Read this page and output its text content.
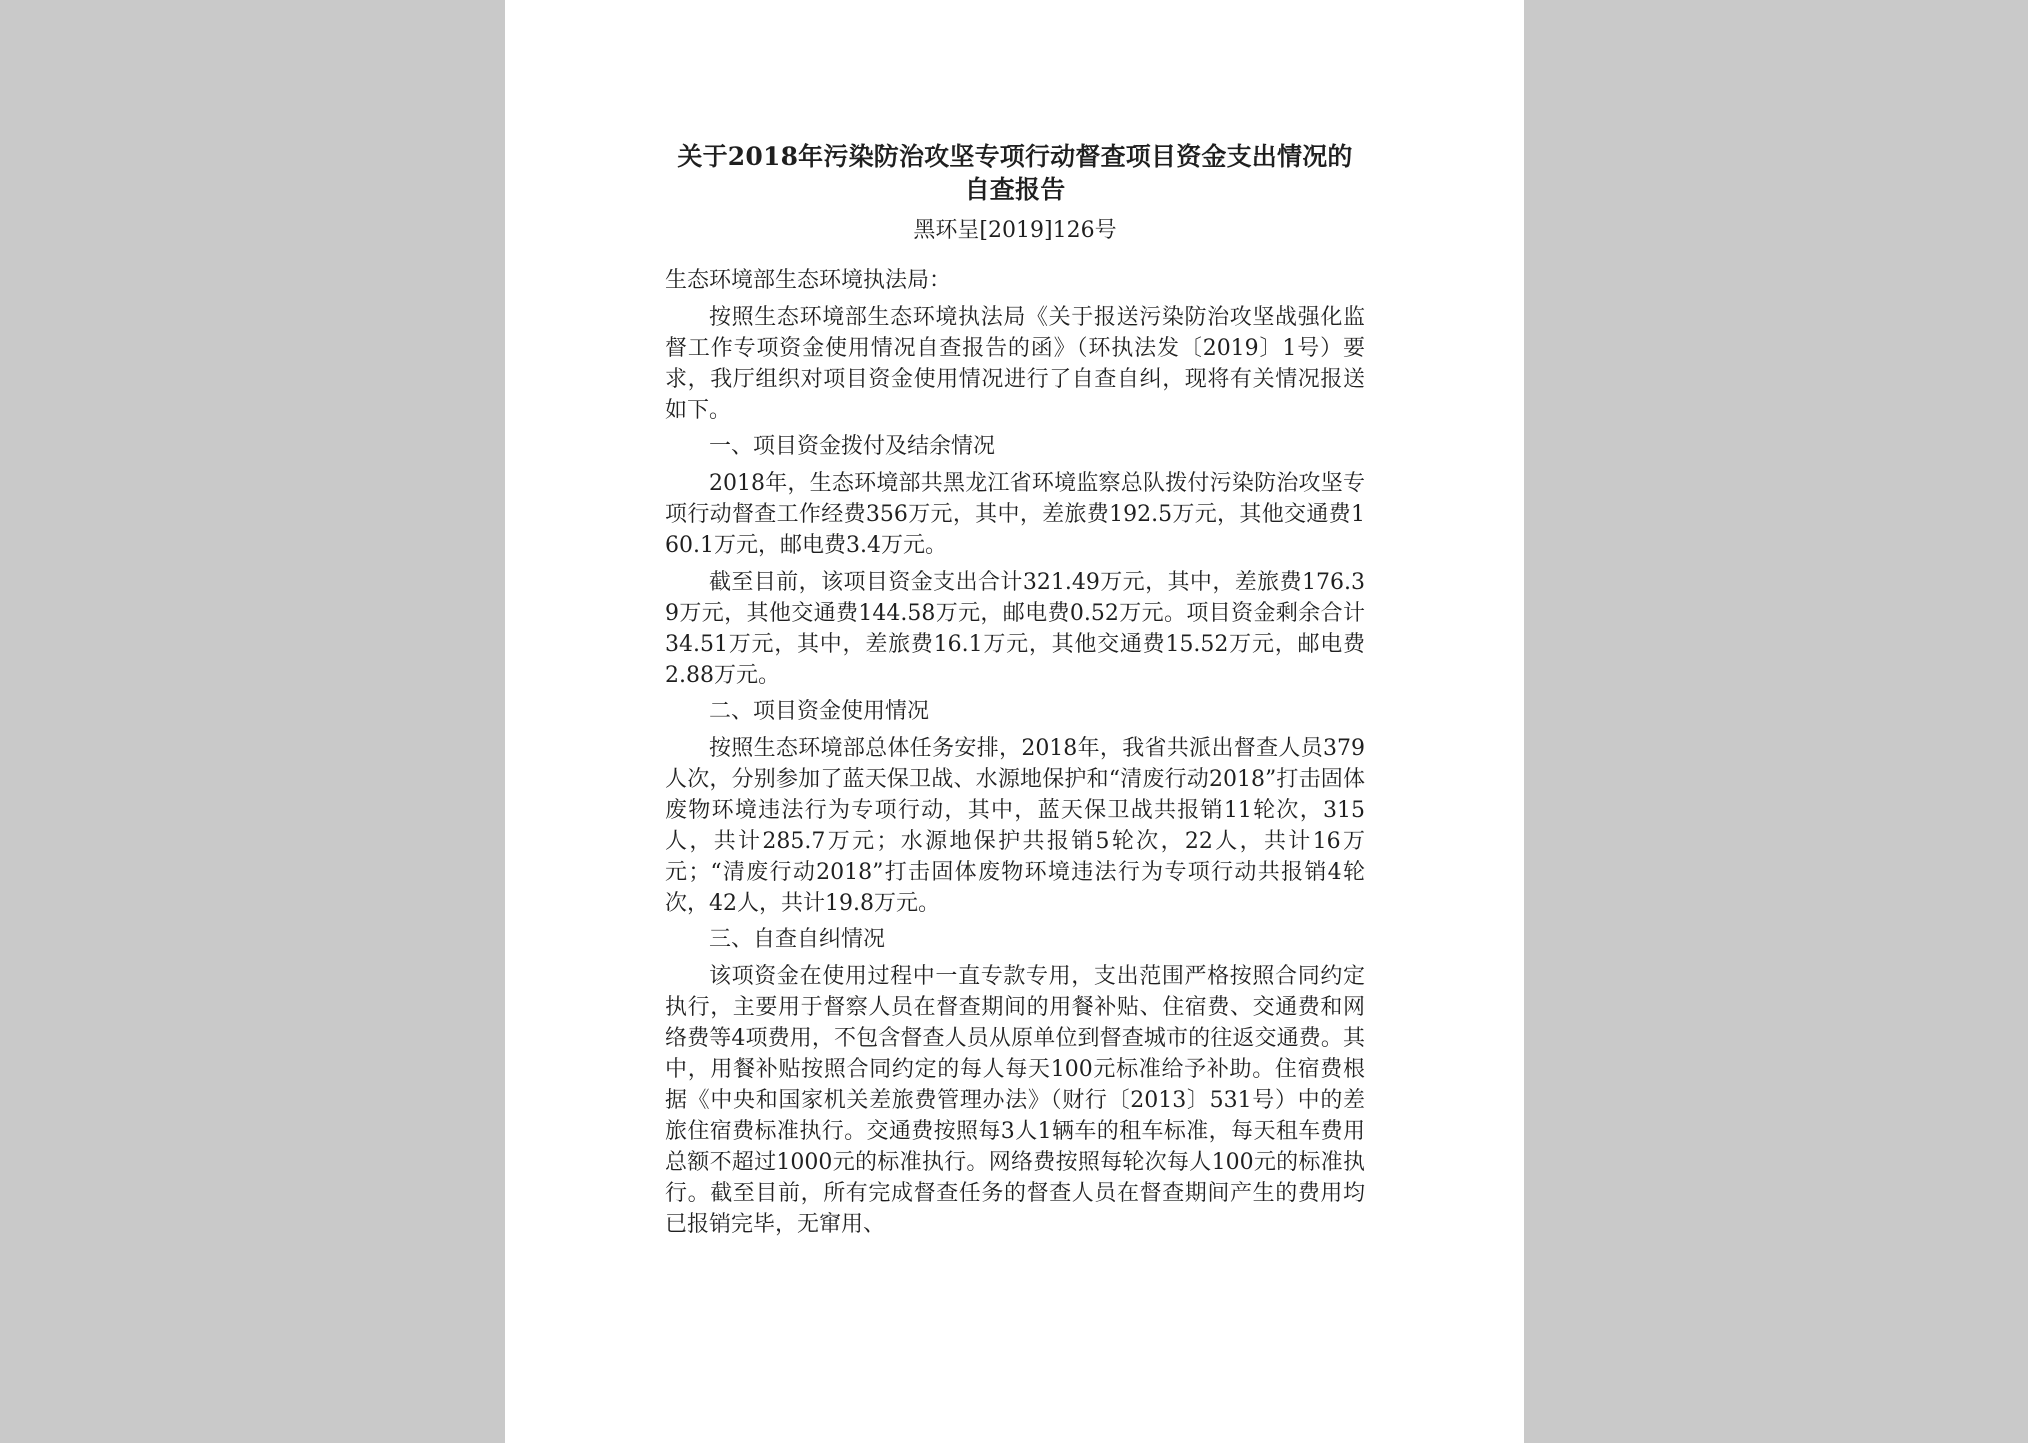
关于2018年污染防治攻坚专项行动督查项目资金支出情况的自查报告

黑环呈[2019]126号

生态环境部生态环境执法局：

按照生态环境部生态环境执法局《关于报送污染防治攻坚战强化监督工作专项资金使用情况自查报告的函》（环执法发〔2019〕1号）要求，我厅组织对项目资金使用情况进行了自查自纠，现将有关情况报送如下。

一、项目资金拨付及结余情况

2018年，生态环境部共黑龙江省环境监察总队拨付污染防治攻坚专项行动督查工作经费356万元，其中，差旅费192.5万元，其他交通费160.1万元，邮电费3.4万元。

截至目前，该项目资金支出合计321.49万元，其中，差旅费176.39万元，其他交通费144.58万元，邮电费0.52万元。项目资金剩余合计34.51万元，其中，差旅费16.1万元，其他交通费15.52万元，邮电费2.88万元。

二、项目资金使用情况

按照生态环境部总体任务安排，2018年，我省共派出督查人员379人次，分别参加了蓝天保卫战、水源地保护和“清废行动2018”打击固体废物环境违法行为专项行动，其中，蓝天保卫战共报销11轮次，315人，共计285.7万元；水源地保护共报销5轮次，22人，共计16万元；“清废行动2018”打击固体废物环境违法行为专项行动共报销4轮次，42人，共计19.8万元。

三、自查自纠情况

该项资金在使用过程中一直专款专用，支出范围严格按照合同约定执行，主要用于督察人员在督查期间的用餐补贴、住宿费、交通费和网络费等4项费用，不包含督查人员从原单位到督查城市的往返交通费。其中，用餐补贴按照合同约定的每人每天100元标准给予补助。住宿费根据《中央和国家机关差旅费管理办法》（财行〔2013〕531号）中的差旅住宿费标准执行。交通费按照每3人1辆车的租车标准，每天租车费用总额不超过1000元的标准执行。网络费按照每轮次每人100元的标准执行。截至目前，所有完成督查任务的督查人员在督查期间产生的费用均已报销完毕，无窜用、
